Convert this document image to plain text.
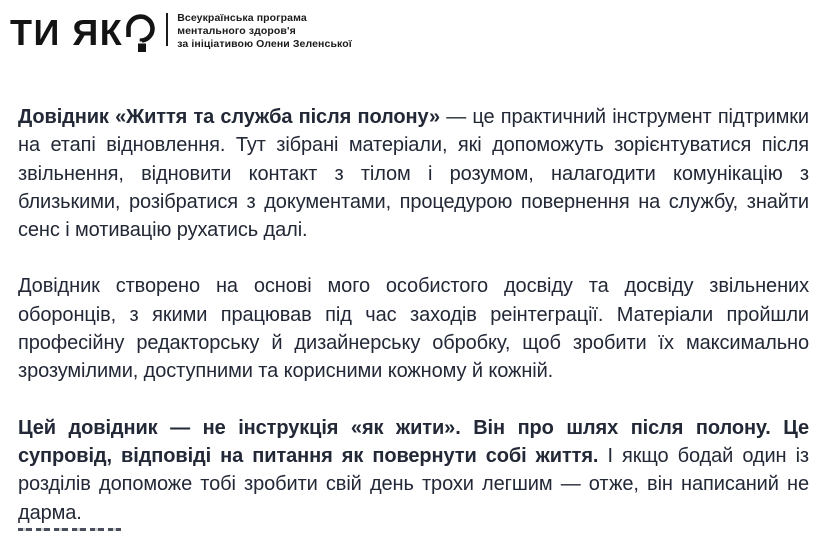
ТИ ЯК	Всеукраїнська програма
ментального здоров'я
за ініціативою Олени Зеленської

Довідник «Життя та служба після полону» — це практичний інструмент підтримки на етапі відновлення. Тут зібрані матеріали, які допоможуть зорієнтуватися після звільнення, відновити контакт з тілом і розумом, налагодити комунікацію з близькими, розібратися з документами, процедурою повернення на службу, знайти сенс і мотивацію рухатись далі.

Довідник створено на основі мого особистого досвіду та досвіду звільнених оборонців, з якими працював під час заходів реінтеграції. Матеріали пройшли професійну редакторську й дизайнерську обробку, щоб зробити їх максимально зрозумілими, доступними та корисними кожному й кожній.

Цей довідник — не інструкція «як жити». Він про шлях після полону. Це супровід, відповіді на питання як повернути собі життя. І якщо бодай один із розділів допоможе тобі зробити свій день трохи легшим — отже, він написаний не дарма.
